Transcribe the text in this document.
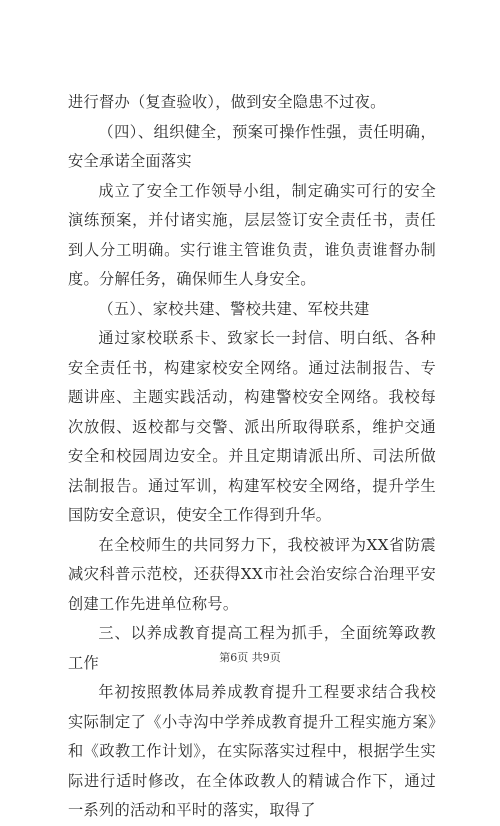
进行督办（复查验收），做到安全隐患不过夜。

（四）、组织健全，预案可操作性强，责任明确，安全承诺全面落实

成立了安全工作领导小组，制定确实可行的安全演练预案，并付诸实施，层层签订安全责任书，责任到人分工明确。实行谁主管谁负责，谁负责谁督办制度。分解任务，确保师生人身安全。

（五）、家校共建、警校共建、军校共建

通过家校联系卡、致家长一封信、明白纸、各种安全责任书，构建家校安全网络。通过法制报告、专题讲座、主题实践活动，构建警校安全网络。我校每次放假、返校都与交警、派出所取得联系，维护交通安全和校园周边安全。并且定期请派出所、司法所做法制报告。通过军训，构建军校安全网络，提升学生国防安全意识，使安全工作得到升华。

在全校师生的共同努力下，我校被评为XX省防震减灾科普示范校，还获得XX市社会治安综合治理平安创建工作先进单位称号。

三、以养成教育提高工程为抓手，全面统筹政教工作

年初按照教体局养成教育提升工程要求结合我校实际制定了《小寺沟中学养成教育提升工程实施方案》和《政教工作计划》，在实际落实过程中，根据学生实际进行适时修改，在全体政教人的精诚合作下，通过一系列的活动和平时的落实，取得了

第6页 共9页
